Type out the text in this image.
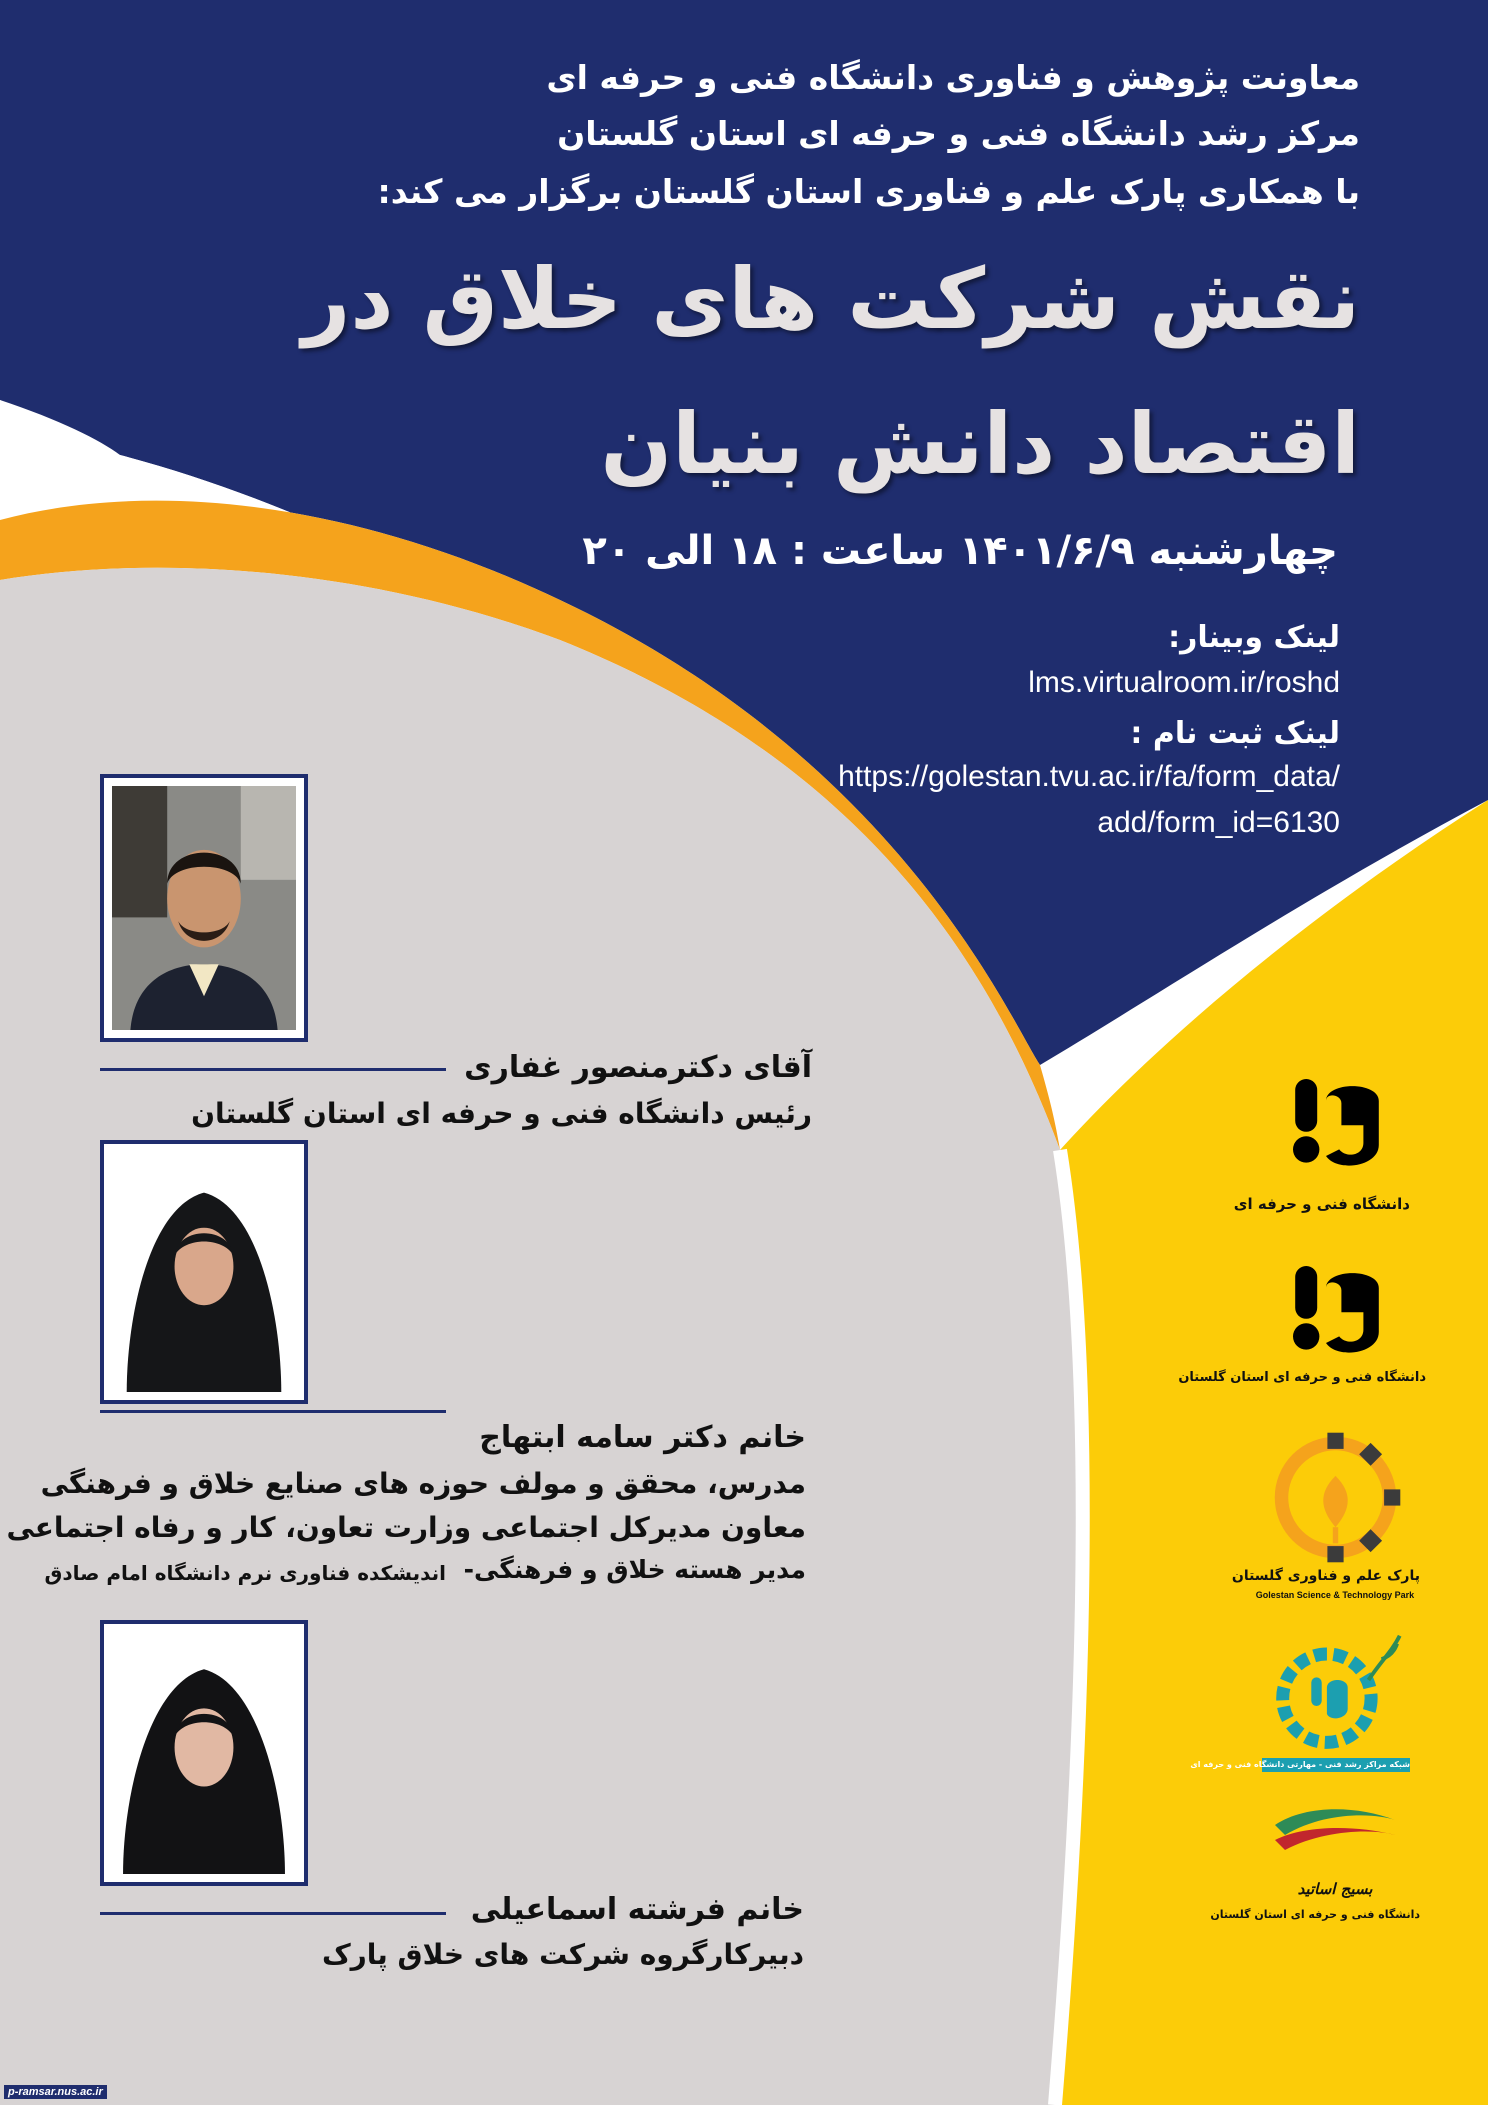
معاونت پژوهش و فناوری دانشگاه فنی و حرفه ای
مرکز رشد دانشگاه فنی و حرفه ای استان گلستان
با همکاری پارک علم و فناوری استان گلستان برگزار می کند:
نقش شرکت های خلاق در
اقتصاد دانش بنیان
چهارشنبه ۱۴۰۱/۶/۹ ساعت : ۱۸ الی ۲۰
لینک وبینار:
lms.virtualroom.ir/roshd
لینک ثبت نام :
https://golestan.tvu.ac.ir/fa/form_data/
add/form_id=6130
آقای دکترمنصور غفاری
رئیس دانشگاه فنی و حرفه ای استان گلستان
خانم دکتر سامه ابتهاج
مدرس، محقق و مولف حوزه های صنایع خلاق و فرهنگی
معاون مدیرکل اجتماعی وزارت تعاون، کار و رفاه اجتماعی
مدیر هسته خلاق و فرهنگی-
اندیشکده فناوری نرم دانشگاه امام صادق
خانم فرشته اسماعیلی
دبیرکارگروه شرکت های خلاق پارک
دانشگاه فنی و حرفه ای
دانشگاه فنی و حرفه ای استان گلستان
پارک علم و فناوری گلستان
Golestan Science & Technology Park
شبکه مراکز رشد فنی - مهارتی دانشگاه فنی و حرفه ای
بسیج اساتید
دانشگاه فنی و حرفه ای استان گلستان
p-ramsar.nus.ac.ir
